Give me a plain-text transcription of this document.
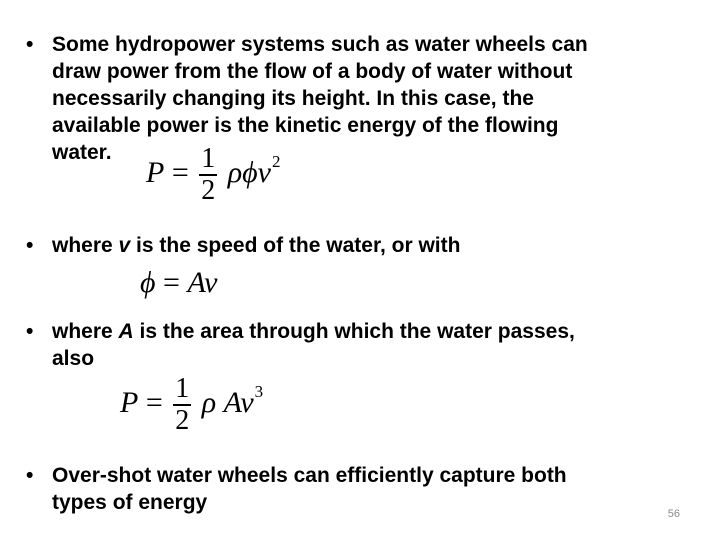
• Some hydropower systems such as water wheels can
draw power from the flow of a body of water without
necessarily changing its height. In this case, the
available power is the kinetic energy of the flowing
water.
$P = \frac{1}{2} \rho\phi v^2$
• where v is the speed of the water, or with
ϕ = Av
• where A is the area through which the water passes,
also
$P = \frac{1}{2}$ ρ Av$^3$
• Over-shot water wheels can efficiently capture both
types of energy	56
